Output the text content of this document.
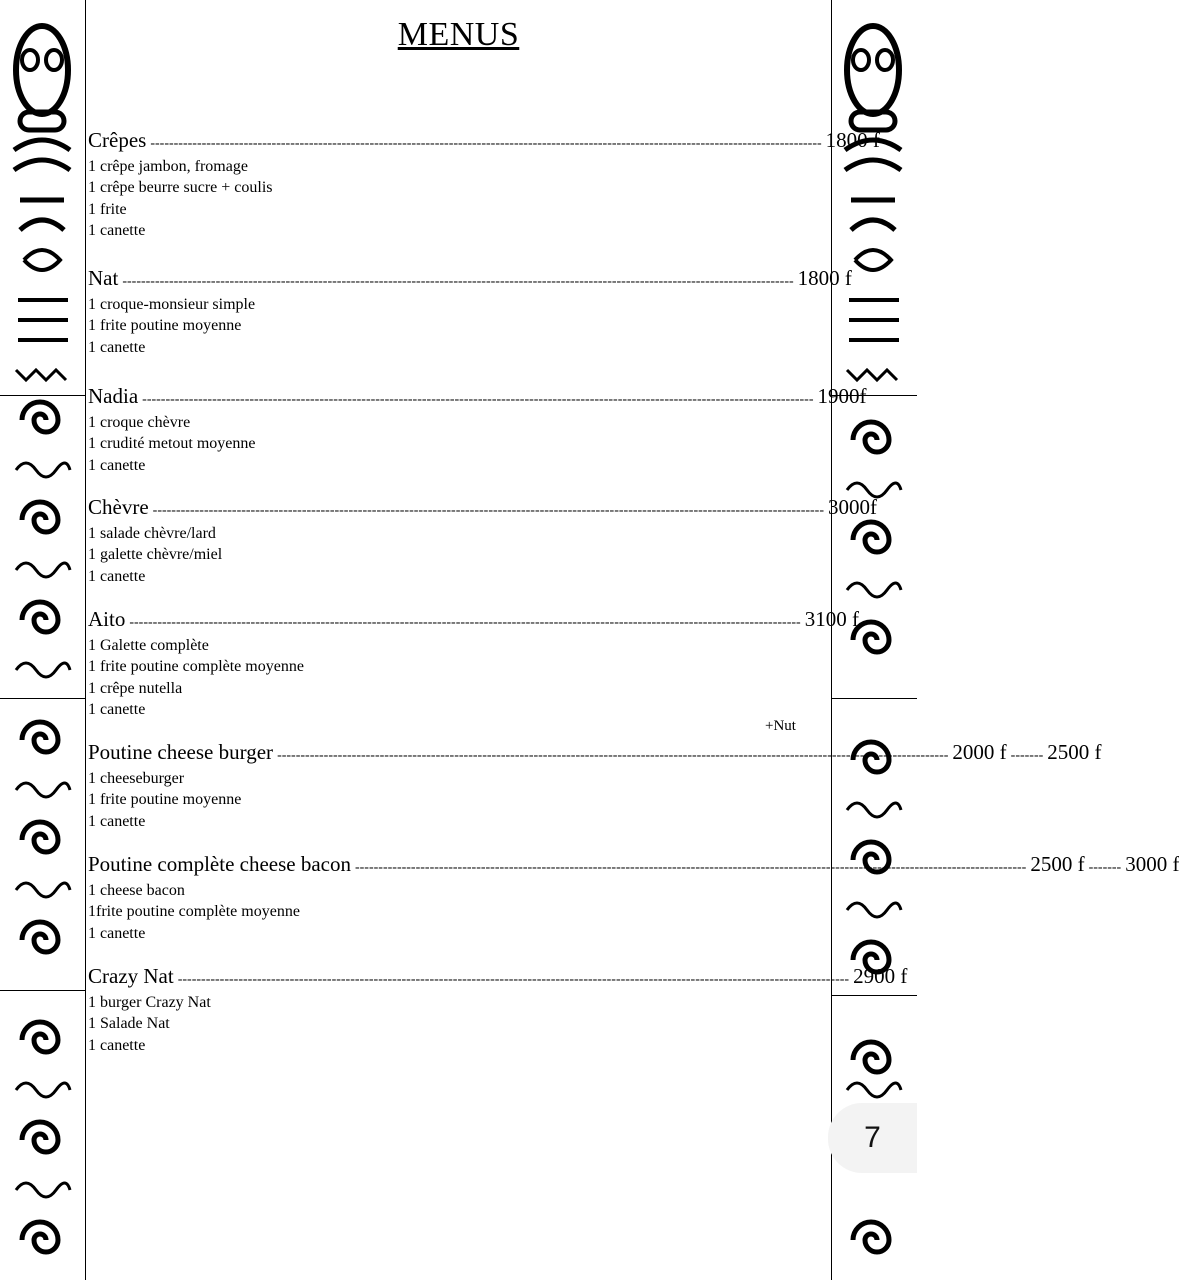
MENUS
Crêpes ------------------------------------------------------------------------------------------------------------------------------------------------ 1800 f
1 crêpe jambon, fromage
1 crêpe beurre sucre + coulis
1 frite
1 canette
Nat ------------------------------------------------------------------------------------------------------------------------------------------------ 1800 f
1 croque-monsieur simple
1 frite poutine moyenne
1 canette
Nadia ------------------------------------------------------------------------------------------------------------------------------------------------ 1900f
1 croque chèvre
1 crudité metout moyenne
1 canette
Chèvre ------------------------------------------------------------------------------------------------------------------------------------------------ 3000f
1 salade chèvre/lard
1 galette chèvre/miel
1 canette
Aito ------------------------------------------------------------------------------------------------------------------------------------------------ 3100 f
1 Galette complète
1 frite poutine complète moyenne
1 crêpe nutella
1 canette
+Nut
Poutine cheese burger ------------------------------------------------------------------------------------------------------------------------------------------------ 2000 f ------- 2500 f
1 cheeseburger
1 frite poutine moyenne
1 canette
Poutine complète cheese bacon ------------------------------------------------------------------------------------------------------------------------------------------------ 2500 f ------- 3000 f
1 cheese bacon
1frite poutine complète moyenne
1 canette
Crazy Nat ------------------------------------------------------------------------------------------------------------------------------------------------ 2900 f
1 burger Crazy Nat
1 Salade Nat
1 canette
7
